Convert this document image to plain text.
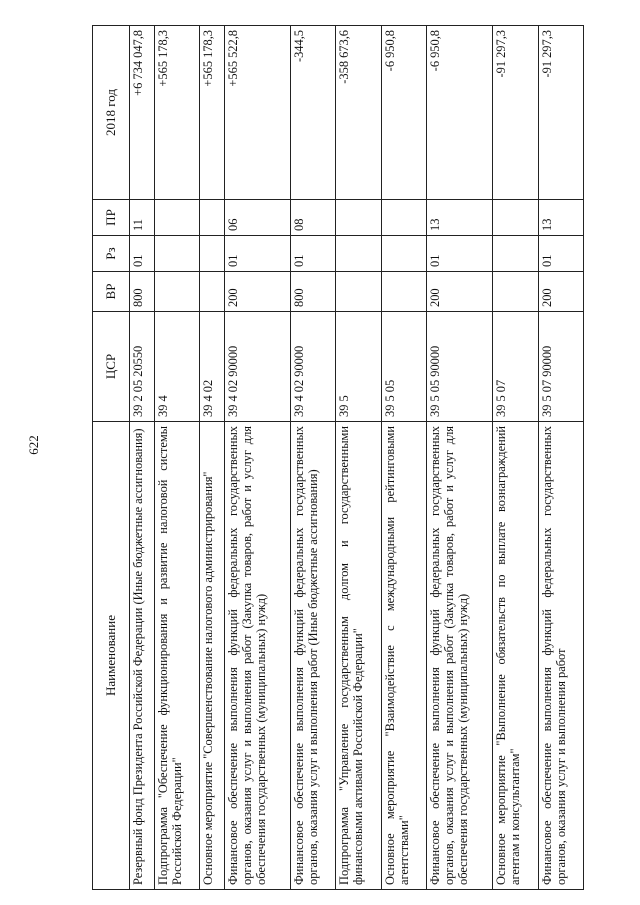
622
Наименование	ЦСР	ВР	Рз	ПР	2018 год
Резервный фонд Президента Российской Федерации (Иные бюджетные ассигнования)	39 2 05 20550	800	01	11	+6 734 047,8
Подпрограмма "Обеспечение функционирования и развитие налоговой системы Российской Федерации"	39 4				+565 178,3
Основное мероприятие "Совершенствование налогового администрирования"	39 4 02				+565 178,3
Финансовое обеспечение выполнения функций федеральных государственных органов, оказания услуг и выполнения работ (Закупка товаров, работ и услуг для обеспечения государственных (муниципальных) нужд)	39 4 02 90000	200	01	06	+565 522,8
Финансовое обеспечение выполнения функций федеральных государственных органов, оказания услуг и выполнения работ (Иные бюджетные ассигнования)	39 4 02 90000	800	01	08	-344,5
Подпрограмма "Управление государственным долгом и государственными финансовыми активами Российской Федерации"	39 5				-358 673,6
Основное мероприятие "Взаимодействие с международными рейтинговыми агентствами"	39 5 05				-6 950,8
Финансовое обеспечение выполнения функций федеральных государственных органов, оказания услуг и выполнения работ (Закупка товаров, работ и услуг для обеспечения государственных (муниципальных) нужд)	39 5 05 90000	200	01	13	-6 950,8
Основное мероприятие "Выполнение обязательств по выплате вознаграждений агентам и консультантам"	39 5 07				-91 297,3
Финансовое обеспечение выполнения функций федеральных государственных органов, оказания услуг и выполнения работ	39 5 07 90000	200	01	13	-91 297,3
